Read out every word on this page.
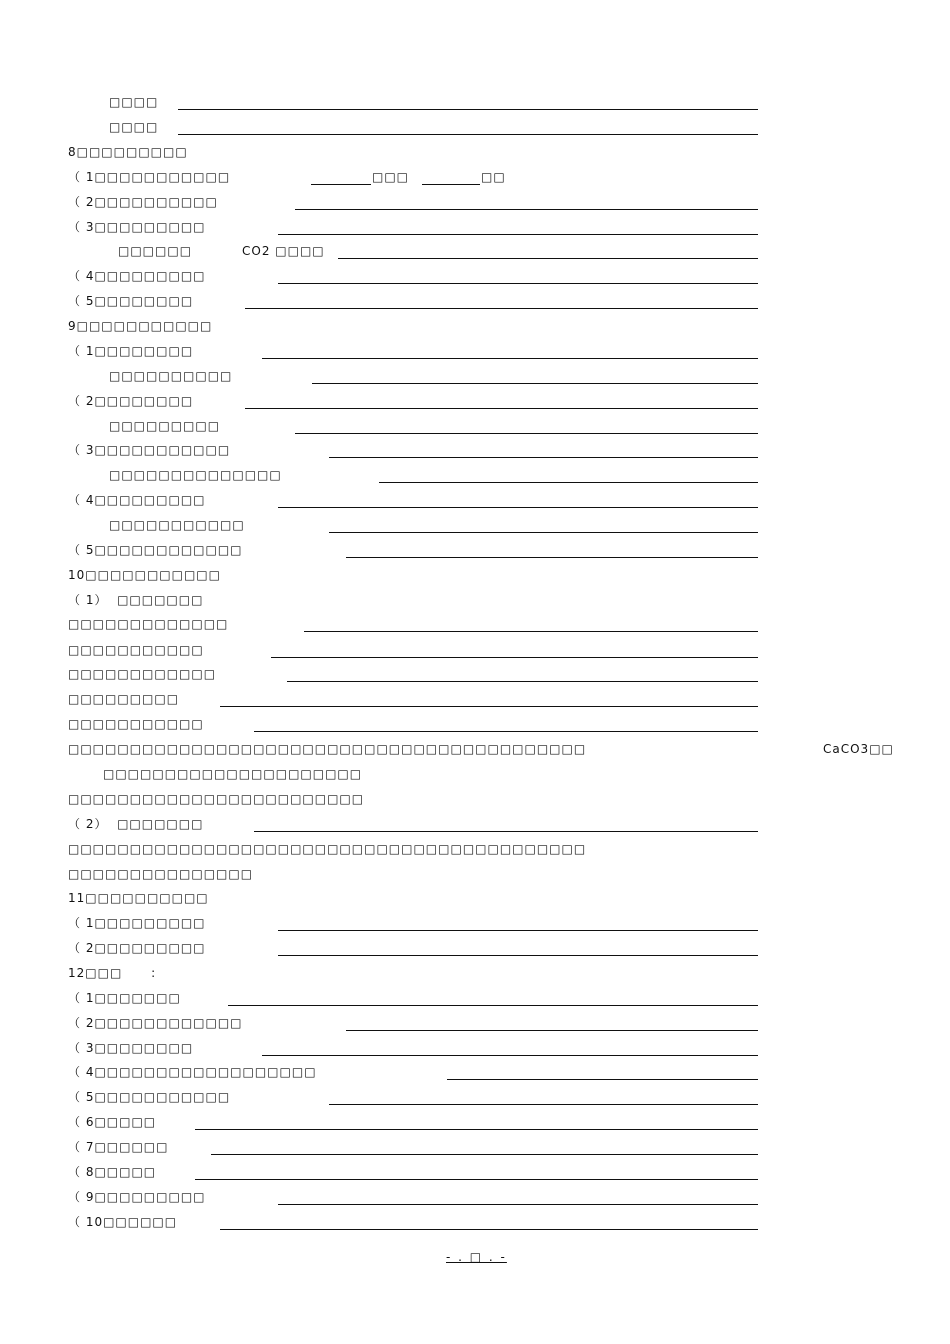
□□□□
□□□□
8□□□□□□□□□
（ 1□□□□□□□□□□□	□□□	□□
（ 2□□□□□□□□□□
（ 3□□□□□□□□□
□□□□□□	CO2 □□□□
（ 4□□□□□□□□□
（ 5□□□□□□□□
9□□□□□□□□□□□
（ 1□□□□□□□□
□□□□□□□□□□
（ 2□□□□□□□□
□□□□□□□□□
（ 3□□□□□□□□□□□
□□□□□□□□□□□□□□
（ 4□□□□□□□□□
□□□□□□□□□□□
（ 5□□□□□□□□□□□□
10□□□□□□□□□□□
（ 1）  □□□□□□□
□□□□□□□□□□□□□
□□□□□□□□□□□
□□□□□□□□□□□□
□□□□□□□□□
□□□□□□□□□□□
□□□□□□□□□□□□□□□□□□□□□□□□□□□□□□□□□□□□□□□□□□	CaCO3□□
□□□□□□□□□□□□□□□□□□□□□
□□□□□□□□□□□□□□□□□□□□□□□□
（ 2）  □□□□□□□
□□□□□□□□□□□□□□□□□□□□□□□□□□□□□□□□□□□□□□□□□□
□□□□□□□□□□□□□□□
11□□□□□□□□□□
（ 1□□□□□□□□□
（ 2□□□□□□□□□
12□□□      :
（ 1□□□□□□□
（ 2□□□□□□□□□□□□
（ 3□□□□□□□□
（ 4□□□□□□□□□□□□□□□□□□
（ 5□□□□□□□□□□□
（ 6□□□□□
（ 7□□□□□□
（ 8□□□□□
（ 9□□□□□□□□□
（ 10□□□□□□
- . □ . -
